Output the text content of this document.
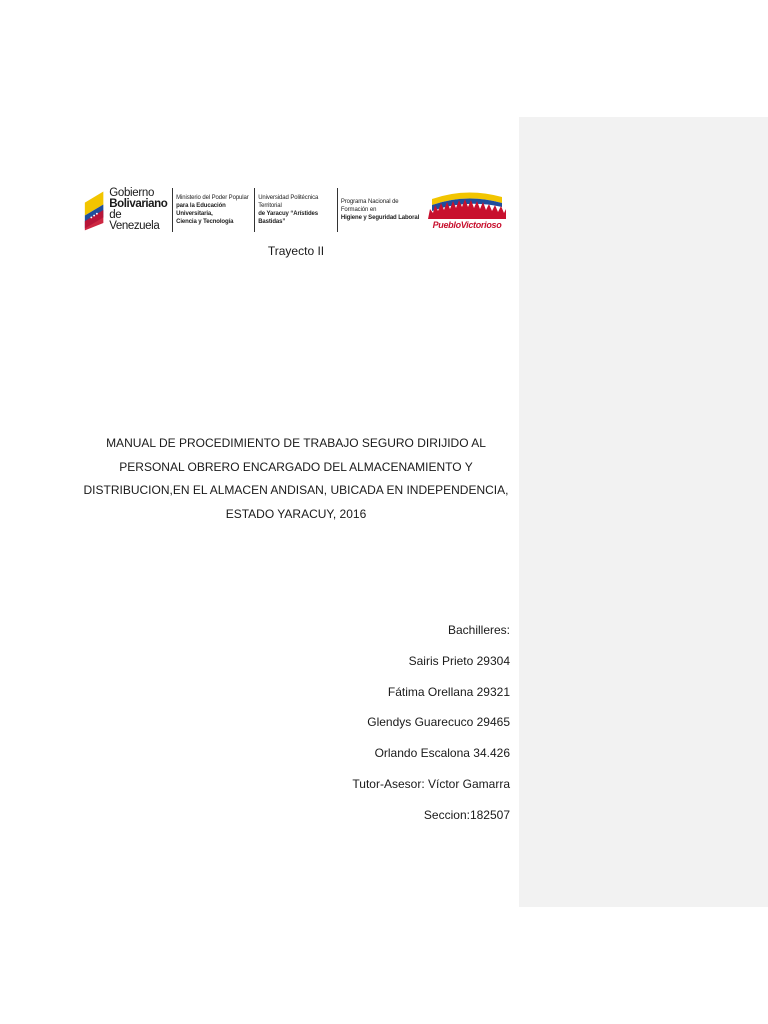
Gobierno
Bolivariano
de Venezuela
Ministerio del Poder Popular
para la Educación Universitaria,
Ciencia y Tecnología
Universidad Politécnica Territorial
de Yaracuy “Arístides Bastidas”
Programa Nacional de Formación en
Higiene y Seguridad Laboral
PuebloVictorioso
Trayecto II
MANUAL DE PROCEDIMIENTO DE TRABAJO SEGURO DIRIJIDO AL
PERSONAL OBRERO ENCARGADO DEL ALMACENAMIENTO Y
DISTRIBUCION,EN EL ALMACEN ANDISAN, UBICADA EN INDEPENDENCIA,
ESTADO YARACUY, 2016
Bachilleres:
Sairis Prieto 29304
Fátima Orellana 29321
Glendys Guarecuco 29465
Orlando Escalona 34.426
Tutor-Asesor: Víctor Gamarra
Seccion:182507
